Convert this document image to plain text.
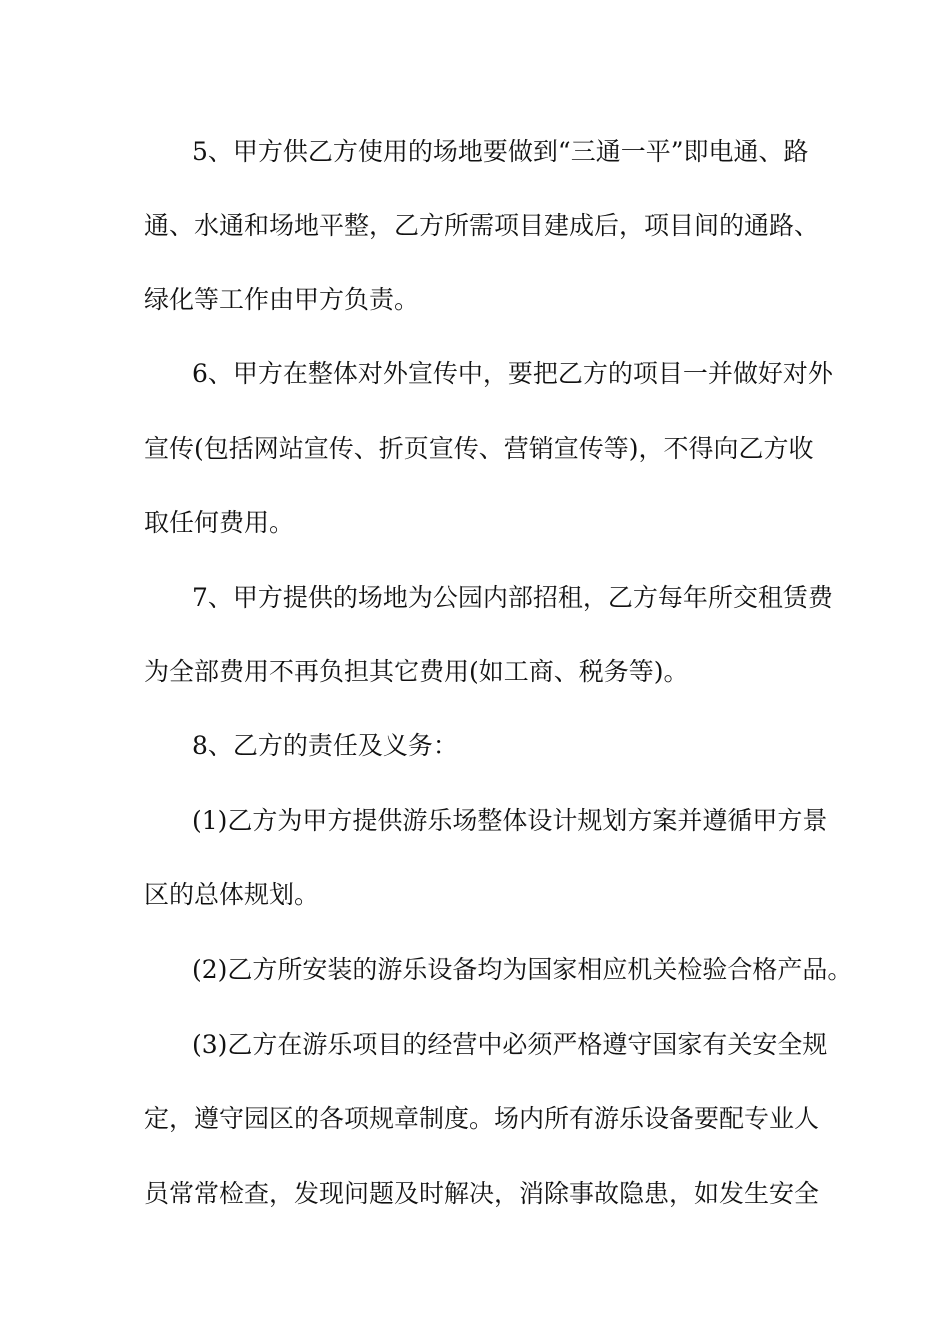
5、甲方供乙方使用的场地要做到“三通一平”即电通、路
通、水通和场地平整，乙方所需项目建成后，项目间的通路、
绿化等工作由甲方负责。
6、甲方在整体对外宣传中，要把乙方的项目一并做好对外
宣传(包括网站宣传、折页宣传、营销宣传等)，不得向乙方收
取任何费用。
7、甲方提供的场地为公园内部招租，乙方每年所交租赁费
为全部费用不再负担其它费用(如工商、税务等)。
8、乙方的责任及义务：
(1)乙方为甲方提供游乐场整体设计规划方案并遵循甲方景
区的总体规划。
(2)乙方所安装的游乐设备均为国家相应机关检验合格产品。
(3)乙方在游乐项目的经营中必须严格遵守国家有关安全规
定，遵守园区的各项规章制度。场内所有游乐设备要配专业人
员常常检查，发现问题及时解决，消除事故隐患，如发生安全
